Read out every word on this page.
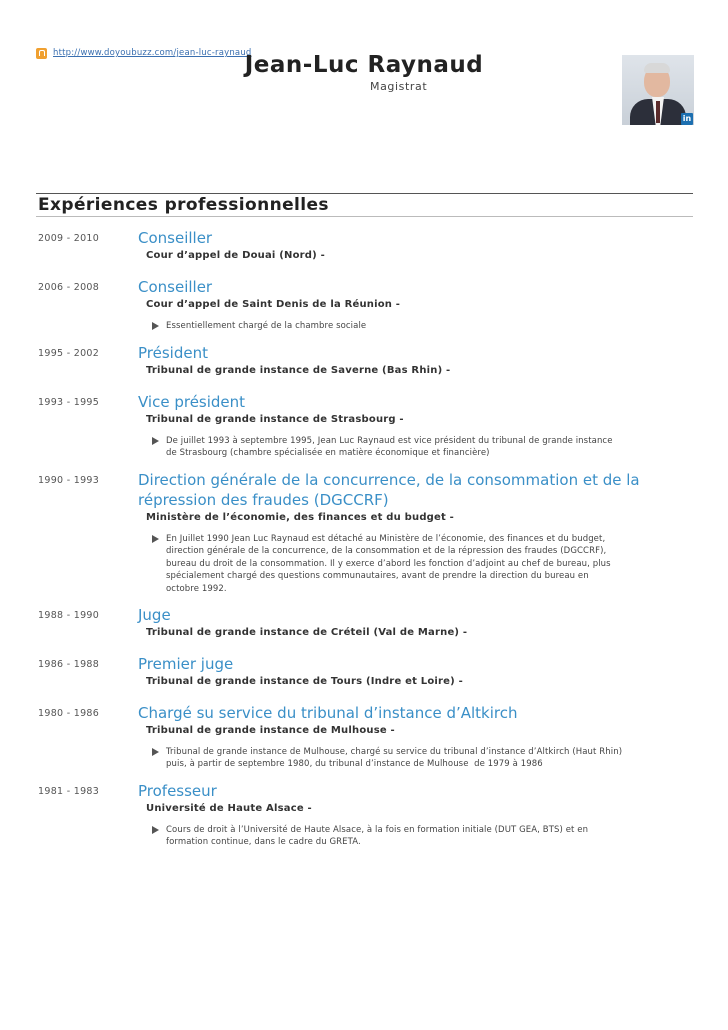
http://www.doyoubuzz.com/jean-luc-raynaud
Jean-Luc Raynaud
Magistrat
in
Expériences professionnelles
2009 - 2010	Conseiller
Cour d’appel de Douai (Nord) -
2006 - 2008	Conseiller
Cour d’appel de Saint Denis de la Réunion -
Essentiellement chargé de la chambre sociale
1995 - 2002	Président
Tribunal de grande instance de Saverne (Bas Rhin) -
1993 - 1995	Vice président
Tribunal de grande instance de Strasbourg -
De juillet 1993 à septembre 1995, Jean Luc Raynaud est vice président du tribunal de grande instance
de Strasbourg (chambre spécialisée en matière économique et financière)
1990 - 1993	Direction générale de la concurrence, de la consommation et de la
répression des fraudes (DGCCRF)
Ministère de l’économie, des finances et du budget -
En Juillet 1990 Jean Luc Raynaud est détaché au Ministère de l’économie, des finances et du budget,
direction générale de la concurrence, de la consommation et de la répression des fraudes (DGCCRF),
bureau du droit de la consommation. Il y exerce d’abord les fonction d’adjoint au chef de bureau, plus
spécialement chargé des questions communautaires, avant de prendre la direction du bureau en
octobre 1992.
1988 - 1990	Juge
Tribunal de grande instance de Créteil (Val de Marne) -
1986 - 1988	Premier juge
Tribunal de grande instance de Tours (Indre et Loire) -
1980 - 1986	Chargé su service du tribunal d’instance d’Altkirch
Tribunal de grande instance de Mulhouse -
Tribunal de grande instance de Mulhouse, chargé su service du tribunal d’instance d’Altkirch (Haut Rhin)
puis, à partir de septembre 1980, du tribunal d’instance de Mulhouse  de 1979 à 1986
1981 - 1983	Professeur
Université de Haute Alsace -
Cours de droit à l’Université de Haute Alsace, à la fois en formation initiale (DUT GEA, BTS) et en
formation continue, dans le cadre du GRETA.
